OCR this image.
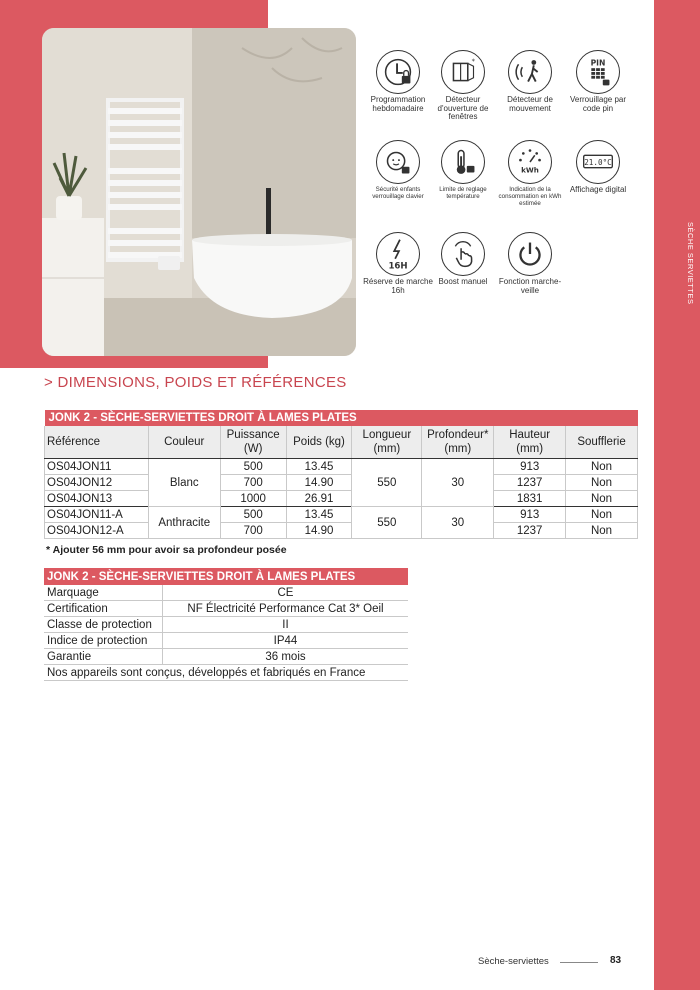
SÈCHE SERVIETTES
Programmation hebdomadaire
*
Détecteur d'ouverture de fenêtres
Détecteur de mouvement
PIN
Verrouillage par code pin
Sécurité enfants verrouillage clavier
Limite de reglage température
kWh
Indication de la consommation en kWh estimée
21.0°C
Affichage digital
16H
Réserve de marche 16h
Boost manuel	Fonction marche-veille
> DIMENSIONS, POIDS ET RÉFÉRENCES
JONK 2 - SÈCHE-SERVIETTES DROIT À LAMES PLATES							
Référence	Couleur	Puissance (W)	Poids (kg)	Longueur (mm)	Profondeur* (mm)	Hauteur (mm)	Soufflerie
OS04JON11	Blanc	500	13.45	550	30	913	Non
OS04JON12		700	14.90			1237	Non
OS04JON13		1000	26.91			1831	Non
OS04JON11-A	Anthracite	500	13.45	550	30	913	Non
OS04JON12-A		700	14.90			1237	Non
* Ajouter 56 mm pour avoir sa profondeur posée
JONK 2 - SÈCHE-SERVIETTES DROIT À LAMES PLATES	
Marquage	CE
Certification	NF Électricité Performance Cat 3* Oeil
Classe de protection	II
Indice de protection	IP44
Garantie	36 mois
Nos appareils sont conçus, développés et fabriqués en France	
Sèche-serviettes	83
